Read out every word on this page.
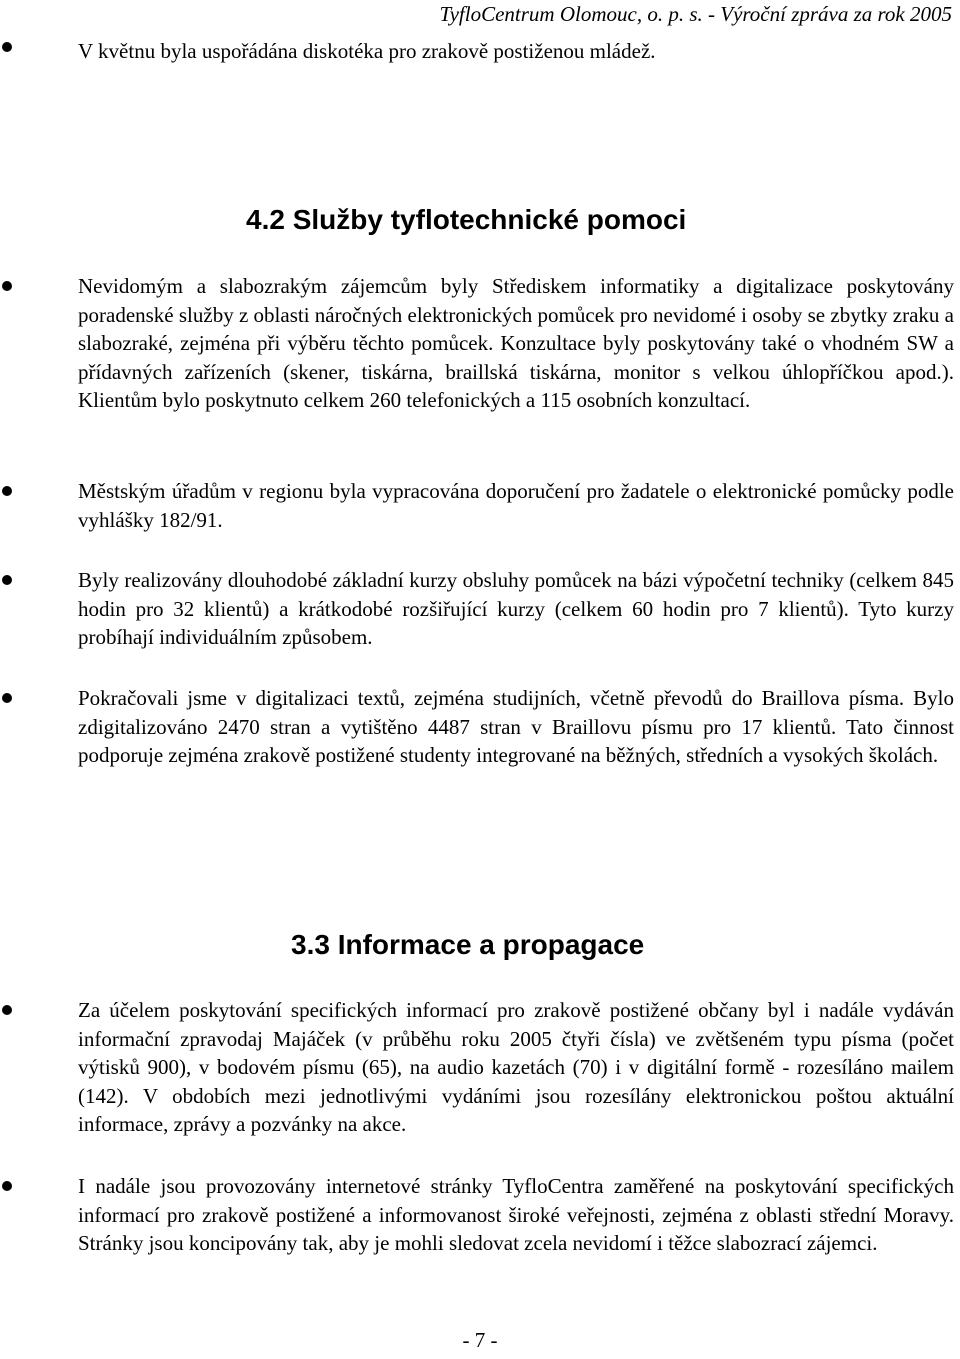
TyfloCentrum Olomouc, o. p. s. - Výroční zpráva za rok 2005
V květnu byla uspořádána diskotéka pro zrakově postiženou mládež.
4.2 Služby tyflotechnické pomoci
Nevidomým a slabozrakým zájemcům byly Střediskem informatiky a digitalizace poskytovány poradenské služby z oblasti náročných elektronických pomůcek pro nevidomé i osoby se zbytky zraku a slabozraké, zejména při výběru těchto pomůcek. Konzultace byly poskytovány také o vhodném SW a přídavných zařízeních (skener, tiskárna, braillská tiskárna, monitor s velkou úhlopříčkou apod.). Klientům bylo poskytnuto celkem 260 telefonických a 115 osobních konzultací.
Městským úřadům v regionu byla vypracována doporučení pro žadatele o elektronické pomůcky podle vyhlášky 182/91.
Byly realizovány dlouhodobé základní kurzy obsluhy pomůcek na bázi výpočetní techniky (celkem 845 hodin pro 32 klientů) a krátkodobé rozšiřující kurzy (celkem 60 hodin pro 7 klientů). Tyto kurzy probíhají individuálním způsobem.
Pokračovali jsme v digitalizaci textů, zejména studijních, včetně převodů do Braillova písma. Bylo zdigitalizováno 2470 stran a vytištěno 4487 stran v Braillovu písmu pro 17 klientů. Tato činnost podporuje zejména zrakově postižené studenty integrované na běžných, středních a vysokých školách.
3.3 Informace a propagace
Za účelem poskytování specifických informací pro zrakově postižené občany byl i nadále vydáván informační zpravodaj Majáček (v průběhu roku 2005 čtyři čísla) ve zvětšeném typu písma (počet výtisků 900), v bodovém písmu (65), na audio kazetách (70) i v digitální formě - rozesíláno mailem (142). V obdobích mezi jednotlivými vydáními jsou rozesílány elektronickou poštou aktuální informace, zprávy a pozvánky na akce.
I nadále jsou provozovány internetové stránky TyfloCentra zaměřené na poskytování specifických informací pro zrakově postižené a informovanost široké veřejnosti, zejména z oblasti střední Moravy. Stránky jsou koncipovány tak, aby je mohli sledovat zcela nevidomí i těžce slabozrací zájemci.
- 7 -
